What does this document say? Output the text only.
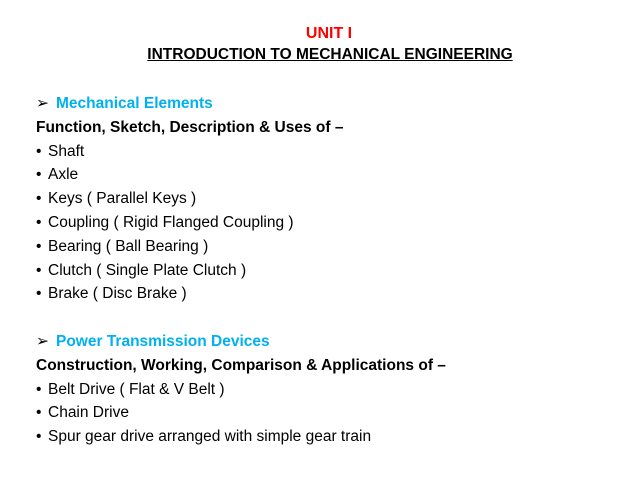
UNIT I
INTRODUCTION TO MECHANICAL ENGINEERING
➢ Mechanical Elements
Function, Sketch, Description & Uses of –
• Shaft
• Axle
• Keys ( Parallel Keys )
• Coupling ( Rigid Flanged Coupling )
• Bearing ( Ball Bearing )
• Clutch ( Single Plate Clutch )
• Brake ( Disc Brake )
➢ Power Transmission Devices
Construction, Working, Comparison & Applications of –
• Belt Drive ( Flat & V Belt )
• Chain Drive
• Spur gear drive arranged with simple gear train
